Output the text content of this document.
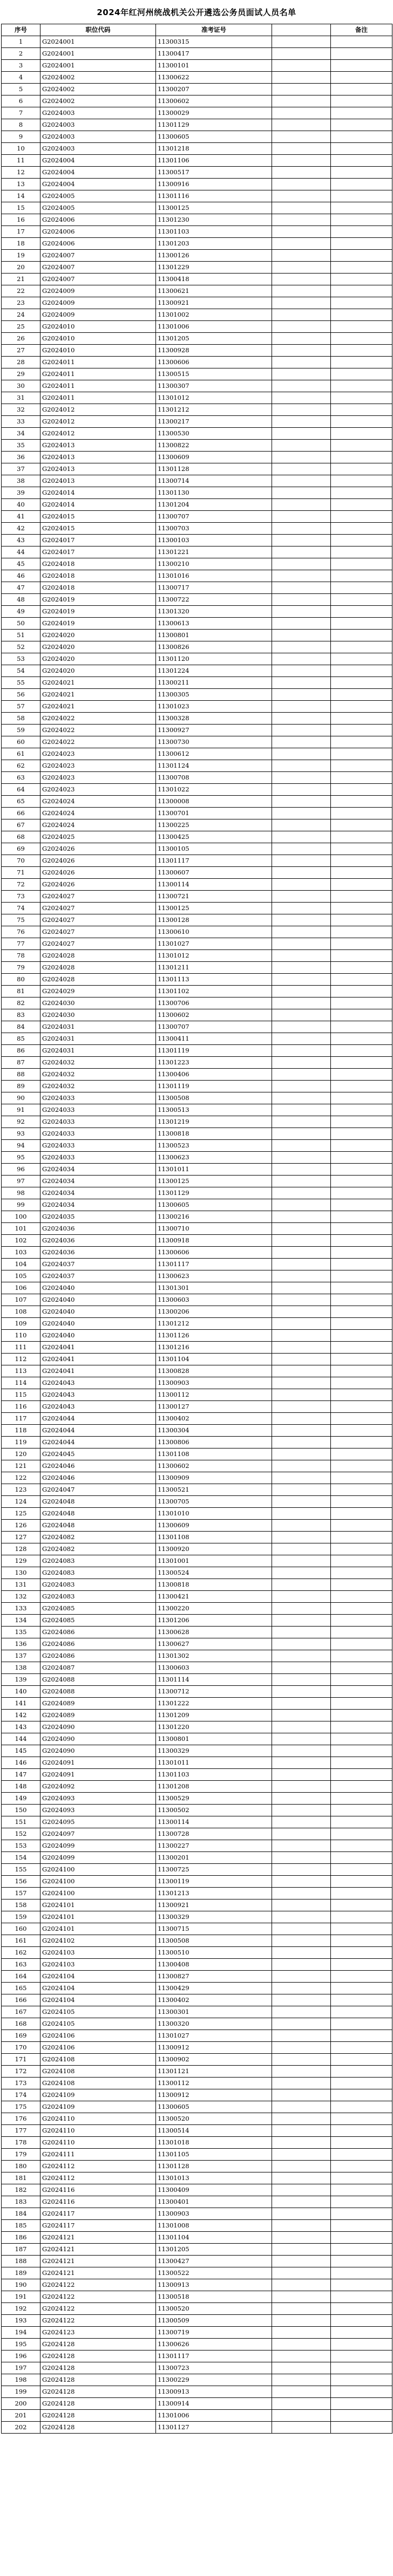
2024年红河州统战机关公开遴选公务员面试人员名单
序号	职位代码	准考证号		备注
1	G2024001	11300315		
2	G2024001	11300417		
3	G2024001	11300101		
4	G2024002	11300622		
5	G2024002	11300207		
6	G2024002	11300602		
7	G2024003	11300029		
8	G2024003	11301129		
9	G2024003	11300605		
10	G2024003	11301218		
11	G2024004	11301106		
12	G2024004	11300517		
13	G2024004	11300916		
14	G2024005	11301116		
15	G2024005	11300125		
16	G2024006	11301230		
17	G2024006	11301103		
18	G2024006	11301203		
19	G2024007	11300126		
20	G2024007	11301229		
21	G2024007	11300418		
22	G2024009	11300621		
23	G2024009	11300921		
24	G2024009	11301002		
25	G2024010	11301006		
26	G2024010	11301205		
27	G2024010	11300928		
28	G2024011	11300606		
29	G2024011	11300515		
30	G2024011	11300307		
31	G2024011	11301012		
32	G2024012	11301212		
33	G2024012	11300217		
34	G2024012	11300530		
35	G2024013	11300822		
36	G2024013	11300609		
37	G2024013	11301128		
38	G2024013	11300714		
39	G2024014	11301130		
40	G2024014	11301204		
41	G2024015	11300707		
42	G2024015	11300703		
43	G2024017	11300103		
44	G2024017	11301221		
45	G2024018	11300210		
46	G2024018	11301016		
47	G2024018	11300717		
48	G2024019	11300722		
49	G2024019	11301320		
50	G2024019	11300613		
51	G2024020	11300801		
52	G2024020	11300826		
53	G2024020	11301120		
54	G2024020	11301224		
55	G2024021	11300211		
56	G2024021	11300305		
57	G2024021	11301023		
58	G2024022	11300328		
59	G2024022	11300927		
60	G2024022	11300730		
61	G2024023	11300612		
62	G2024023	11301124		
63	G2024023	11300708		
64	G2024023	11301022		
65	G2024024	11300008		
66	G2024024	11300701		
67	G2024024	11300225		
68	G2024025	11300425		
69	G2024026	11300105		
70	G2024026	11301117		
71	G2024026	11300607		
72	G2024026	11300114		
73	G2024027	11300721		
74	G2024027	11300125		
75	G2024027	11300128		
76	G2024027	11300610		
77	G2024027	11301027		
78	G2024028	11301012		
79	G2024028	11301211		
80	G2024028	11301113		
81	G2024029	11301102		
82	G2024030	11300706		
83	G2024030	11300602		
84	G2024031	11300707		
85	G2024031	11300411		
86	G2024031	11301119		
87	G2024032	11301223		
88	G2024032	11300406		
89	G2024032	11301119		
90	G2024033	11300508		
91	G2024033	11300513		
92	G2024033	11301219		
93	G2024033	11300818		
94	G2024033	11300523		
95	G2024033	11300623		
96	G2024034	11301011		
97	G2024034	11300125		
98	G2024034	11301129		
99	G2024034	11300605		
100	G2024035	11300216		
101	G2024036	11300710		
102	G2024036	11300918		
103	G2024036	11300606		
104	G2024037	11301117		
105	G2024037	11300623		
106	G2024040	11301301		
107	G2024040	11300603		
108	G2024040	11300206		
109	G2024040	11301212		
110	G2024040	11301126		
111	G2024041	11301216		
112	G2024041	11301104		
113	G2024041	11300828		
114	G2024043	11300903		
115	G2024043	11300112		
116	G2024043	11300127		
117	G2024044	11300402		
118	G2024044	11300304		
119	G2024044	11300806		
120	G2024045	11301108		
121	G2024046	11300602		
122	G2024046	11300909		
123	G2024047	11300521		
124	G2024048	11300705		
125	G2024048	11301010		
126	G2024048	11300609		
127	G2024082	11301108		
128	G2024082	11300920		
129	G2024083	11301001		
130	G2024083	11300524		
131	G2024083	11300818		
132	G2024083	11300421		
133	G2024085	11300220		
134	G2024085	11301206		
135	G2024086	11300628		
136	G2024086	11300627		
137	G2024086	11301302		
138	G2024087	11300603		
139	G2024088	11301114		
140	G2024088	11300712		
141	G2024089	11301222		
142	G2024089	11301209		
143	G2024090	11301220		
144	G2024090	11300801		
145	G2024090	11300329		
146	G2024091	11301011		
147	G2024091	11301103		
148	G2024092	11301208		
149	G2024093	11300529		
150	G2024093	11300502		
151	G2024095	11300114		
152	G2024097	11300728		
153	G2024099	11300227		
154	G2024099	11300201		
155	G2024100	11300725		
156	G2024100	11300119		
157	G2024100	11301213		
158	G2024101	11300921		
159	G2024101	11300329		
160	G2024101	11300715		
161	G2024102	11300508		
162	G2024103	11300510		
163	G2024103	11300408		
164	G2024104	11300827		
165	G2024104	11300429		
166	G2024104	11300402		
167	G2024105	11300301		
168	G2024105	11300320		
169	G2024106	11301027		
170	G2024106	11300912		
171	G2024108	11300902		
172	G2024108	11301121		
173	G2024108	11300112		
174	G2024109	11300912		
175	G2024109	11300605		
176	G2024110	11300520		
177	G2024110	11300514		
178	G2024110	11301018		
179	G2024111	11301105		
180	G2024112	11301128		
181	G2024112	11301013		
182	G2024116	11300409		
183	G2024116	11300401		
184	G2024117	11300903		
185	G2024117	11301008		
186	G2024121	11301104		
187	G2024121	11301205		
188	G2024121	11300427		
189	G2024121	11300522		
190	G2024122	11300913		
191	G2024122	11300518		
192	G2024122	11300520		
193	G2024122	11300509		
194	G2024123	11300719		
195	G2024128	11300626		
196	G2024128	11301117		
197	G2024128	11300723		
198	G2024128	11300229		
199	G2024128	11300913		
200	G2024128	11300914		
201	G2024128	11301006		
202	G2024128	11301127		
